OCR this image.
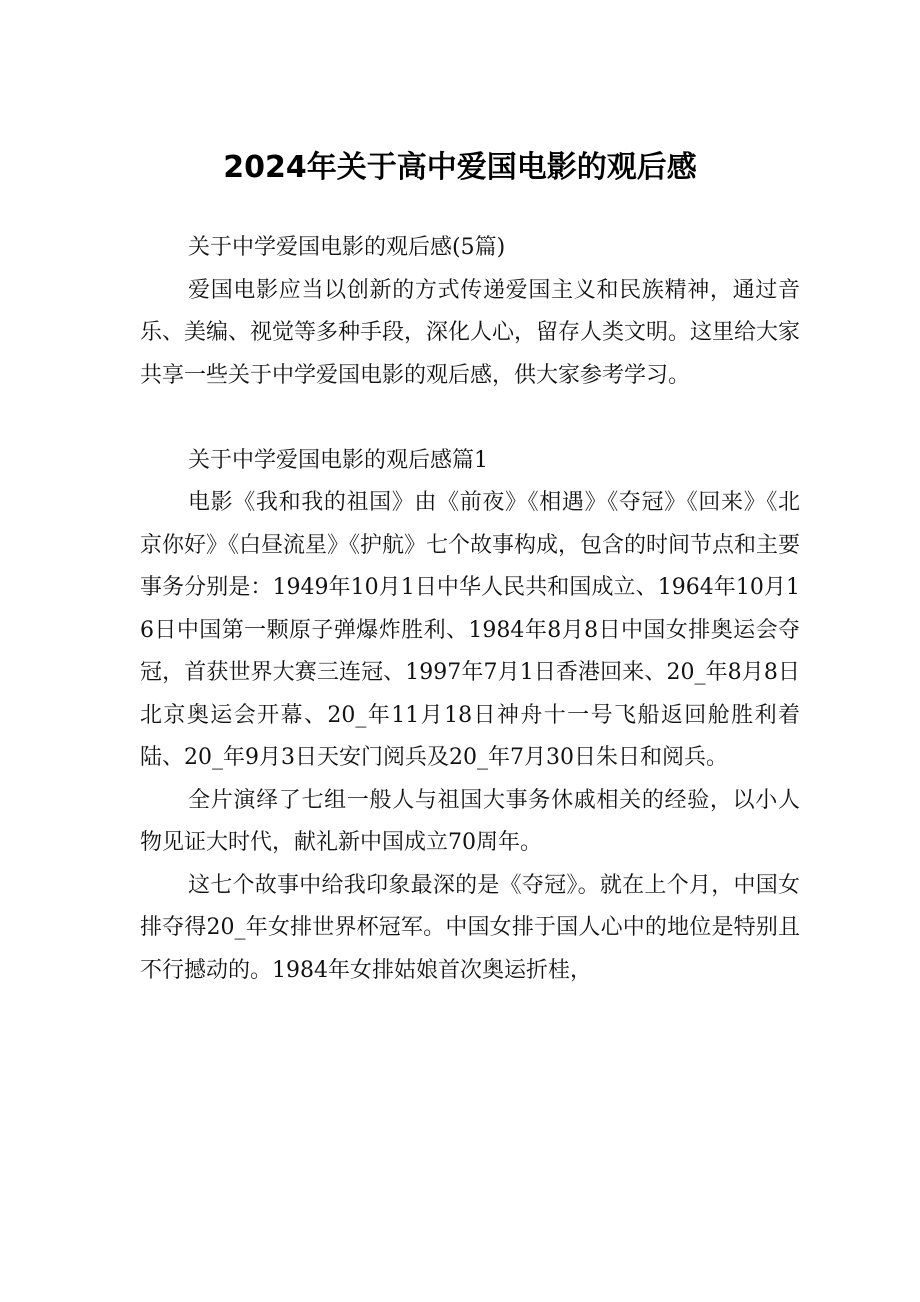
2024年关于高中爱国电影的观后感

关于中学爱国电影的观后感(5篇)

爱国电影应当以创新的方式传递爱国主义和民族精神，通过音乐、美编、视觉等多种手段，深化人心，留存人类文明。这里给大家共享一些关于中学爱国电影的观后感，供大家参考学习。

关于中学爱国电影的观后感篇1

电影《我和我的祖国》由《前夜》《相遇》《夺冠》《回来》《北京你好》《白昼流星》《护航》七个故事构成，包含的时间节点和主要事务分别是：1949年10月1日中华人民共和国成立、1964年10月16日中国第一颗原子弹爆炸胜利、1984年8月8日中国女排奥运会夺冠，首获世界大赛三连冠、1997年7月1日香港回来、20_年8月8日北京奥运会开幕、20_年11月18日神舟十一号飞船返回舱胜利着陆、20_年9月3日天安门阅兵及20_年7月30日朱日和阅兵。

全片演绎了七组一般人与祖国大事务休戚相关的经验，以小人物见证大时代，献礼新中国成立70周年。

这七个故事中给我印象最深的是《夺冠》。就在上个月，中国女排夺得20_年女排世界杯冠军。中国女排于国人心中的地位是特别且不行撼动的。1984年女排姑娘首次奥运折桂，
